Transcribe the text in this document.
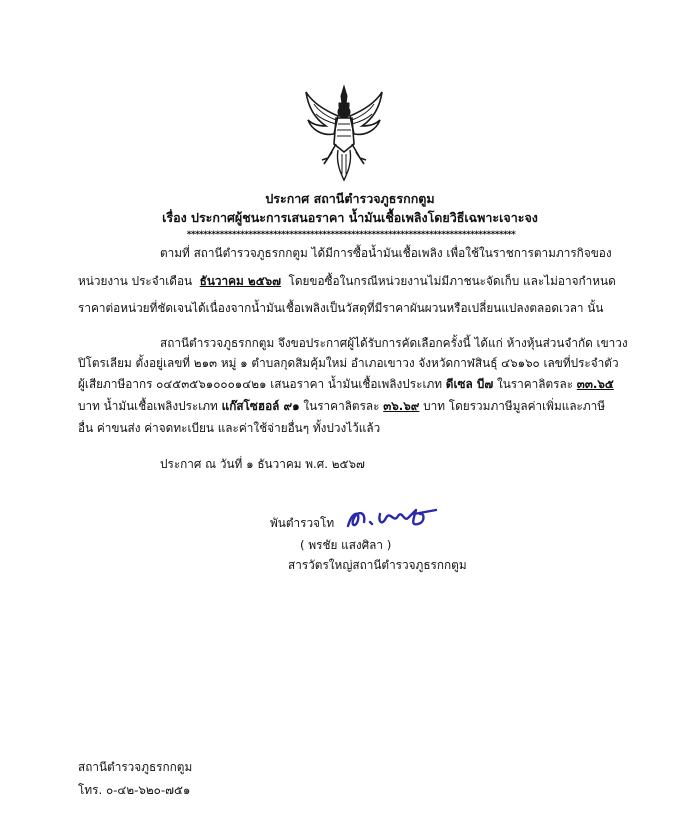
ประกาศ สถานีตำรวจภูธรกกตูม
เรื่อง ประกาศผู้ชนะการเสนอราคา น้ำมันเชื้อเพลิงโดยวิธีเฉพาะเจาะจง
********************************************************************************
ตามที่ สถานีตำรวจภูธรกกตูม ได้มีการซื้อน้ำมันเชื้อเพลิง เพื่อใช้ในราชการตามภารกิจของ
หน่วยงาน ประจำเดือน ธันวาคม ๒๕๖๗ โดยขอซื้อในกรณีหน่วยงานไม่มีภาชนะจัดเก็บ และไม่อาจกำหนด
ราคาต่อหน่วยที่ชัดเจนได้เนื่องจากน้ำมันเชื้อเพลิงเป็นวัสดุที่มีราคาผันผวนหรือเปลี่ยนแปลงตลอดเวลา นั้น
สถานีตำรวจภูธรกกตูม จึงขอประกาศผู้ได้รับการคัดเลือกครั้งนี้ ได้แก่ ห้างหุ้นส่วนจำกัด เขาวง
ปิโตรเลียม ตั้งอยู่เลขที่ ๒๑๓ หมู่ ๑ ตำบลกุดสิมคุ้มใหม่ อำเภอเขาวง จังหวัดกาฬสินธุ์ ๔๖๑๖๐ เลขที่ประจำตัว
ผู้เสียภาษีอากร ๐๔๕๓๕๖๑๐๐๐๑๔๒๑ เสนอราคา น้ำมันเชื้อเพลิงประเภท ดีเซล บี๗ ในราคาลิตรละ ๓๓.๖๕
บาท น้ำมันเชื้อเพลิงประเภท แก๊สโซฮอล์ ๙๑ ในราคาลิตรละ ๓๖.๖๙ บาท โดยรวมภาษีมูลค่าเพิ่มและภาษี
อื่น ค่าขนส่ง ค่าจดทะเบียน และค่าใช้จ่ายอื่นๆ ทั้งปวงไว้แล้ว
ประกาศ ณ วันที่ ๑ ธันวาคม พ.ศ. ๒๕๖๗
พันตำรวจโท
( พรชัย แสงศิลา )
สารวัตรใหญ่สถานีตำรวจภูธรกกตูม
สถานีตำรวจภูธรกกตูม
โทร. ๐-๔๒-๖๒๐-๗๕๑
